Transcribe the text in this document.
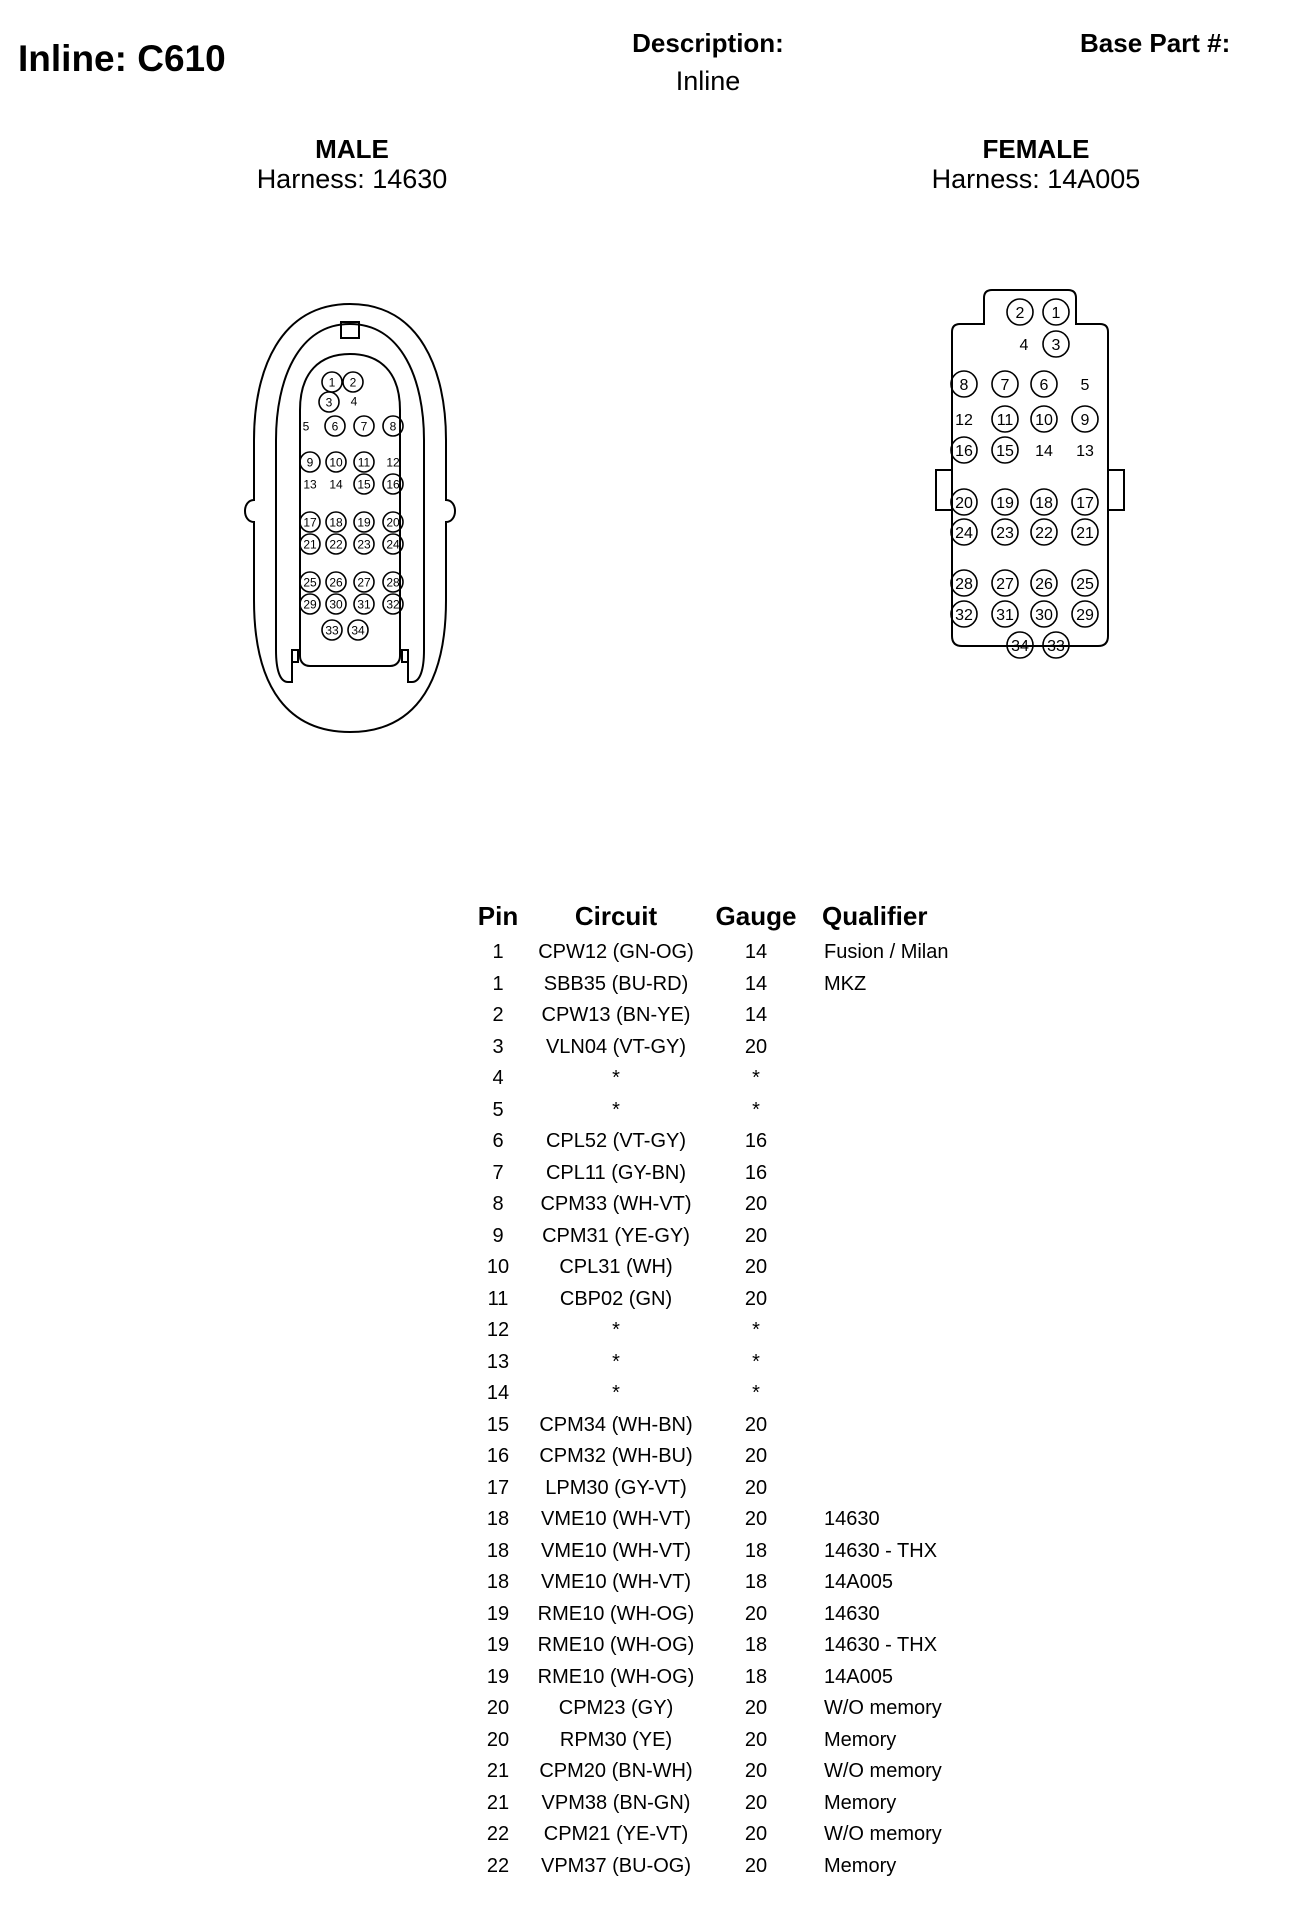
Inline: C610	Description:
Inline
Base Part #:
MALE
Harness: 14630
FEMALE
Harness: 14A005
1 2
3 4
5 6 7 8
9 10 11 12
13 14 15 16
17 18 19 20
21 22 23 24
25 26 27 28
29 30 31 32
33 34
2 1
3
4
8 7 6 5
12 11 10 9
16 15 14 13
20 19 18 17
24 23 22 21
28 27 26 25
32 31 30 29
34 33
Pin	Circuit	Gauge	Qualifier
1	CPW12 (GN-OG)	14	Fusion / Milan
1	SBB35 (BU-RD)	14	MKZ
2	CPW13 (BN-YE)	14	
3	VLN04 (VT-GY)	20	
4	*	*	
5	*	*	
6	CPL52 (VT-GY)	16	
7	CPL11 (GY-BN)	16	
8	CPM33 (WH-VT)	20	
9	CPM31 (YE-GY)	20	
10	CPL31 (WH)	20	
11	CBP02 (GN)	20	
12	*	*	
13	*	*	
14	*	*	
15	CPM34 (WH-BN)	20	
16	CPM32 (WH-BU)	20	
17	LPM30 (GY-VT)	20	
18	VME10 (WH-VT)	20	14630
18	VME10 (WH-VT)	18	14630 - THX
18	VME10 (WH-VT)	18	14A005
19	RME10 (WH-OG)	20	14630
19	RME10 (WH-OG)	18	14630 - THX
19	RME10 (WH-OG)	18	14A005
20	CPM23 (GY)	20	W/O memory
20	RPM30 (YE)	20	Memory
21	CPM20 (BN-WH)	20	W/O memory
21	VPM38 (BN-GN)	20	Memory
22	CPM21 (YE-VT)	20	W/O memory
22	VPM37 (BU-OG)	20	Memory
